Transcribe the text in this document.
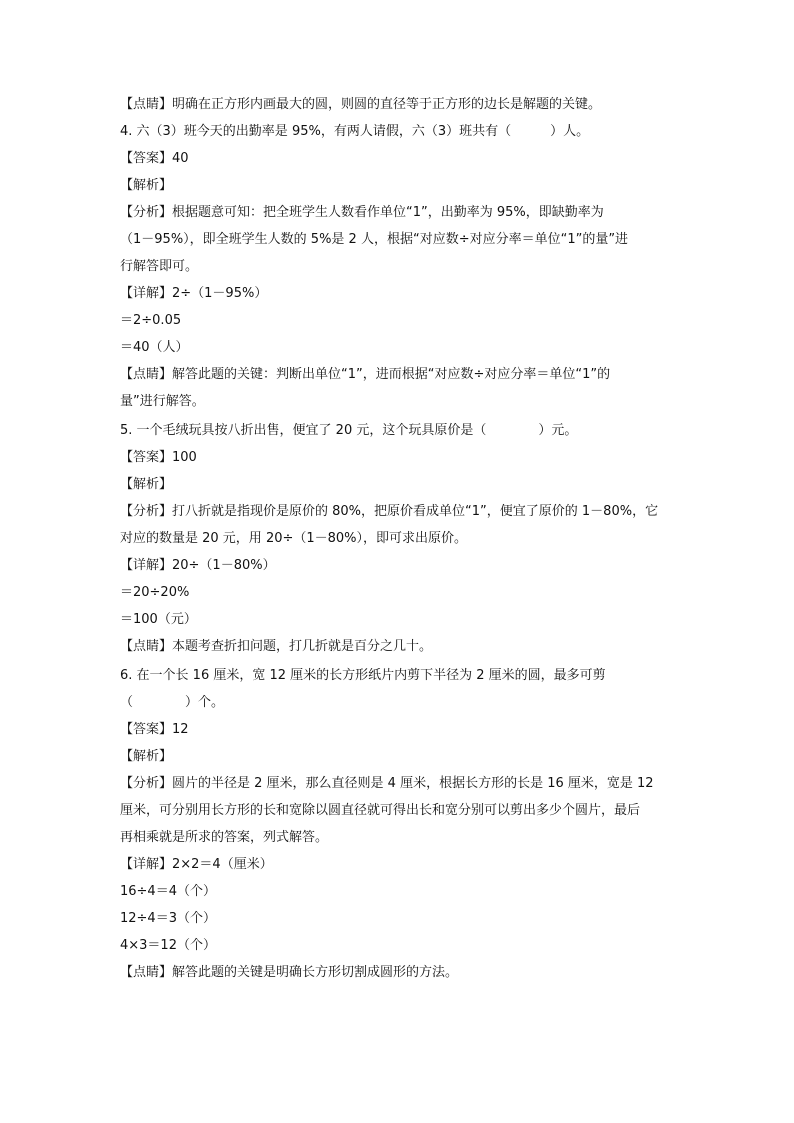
【点睛】明确在正方形内画最大的圆，则圆的直径等于正方形的边长是解题的关键。

4. 六（3）班今天的出勤率是 95%，有两人请假，六（3）班共有（　　　）人。

【答案】40

【解析】

【分析】根据题意可知：把全班学生人数看作单位“1”，出勤率为 95%，即缺勤率为

（1－95%），即全班学生人数的 5%是 2 人，根据“对应数÷对应分率＝单位“1”的量”进

行解答即可。

【详解】2÷（1－95%）

＝2÷0.05

＝40（人）

【点睛】解答此题的关键：判断出单位“1”，进而根据“对应数÷对应分率＝单位“1”的

量”进行解答。

5. 一个毛绒玩具按八折出售，便宜了 20 元，这个玩具原价是（　　　　）元。

【答案】100

【解析】

【分析】打八折就是指现价是原价的 80%，把原价看成单位“1”，便宜了原价的 1－80%，它

对应的数量是 20 元，用 20÷（1－80%），即可求出原价。

【详解】20÷（1－80%）

＝20÷20%

＝100（元）

【点睛】本题考查折扣问题，打几折就是百分之几十。

6. 在一个长 16 厘米，宽 12 厘米的长方形纸片内剪下半径为 2 厘米的圆，最多可剪

（　　　　）个。

【答案】12

【解析】

【分析】圆片的半径是 2 厘米，那么直径则是 4 厘米，根据长方形的长是 16 厘米，宽是 12

厘米，可分别用长方形的长和宽除以圆直径就可得出长和宽分别可以剪出多少个圆片，最后

再相乘就是所求的答案，列式解答。

【详解】2×2＝4（厘米）

16÷4＝4（个）

12÷4＝3（个）

4×3＝12（个）

【点睛】解答此题的关键是明确长方形切割成圆形的方法。
